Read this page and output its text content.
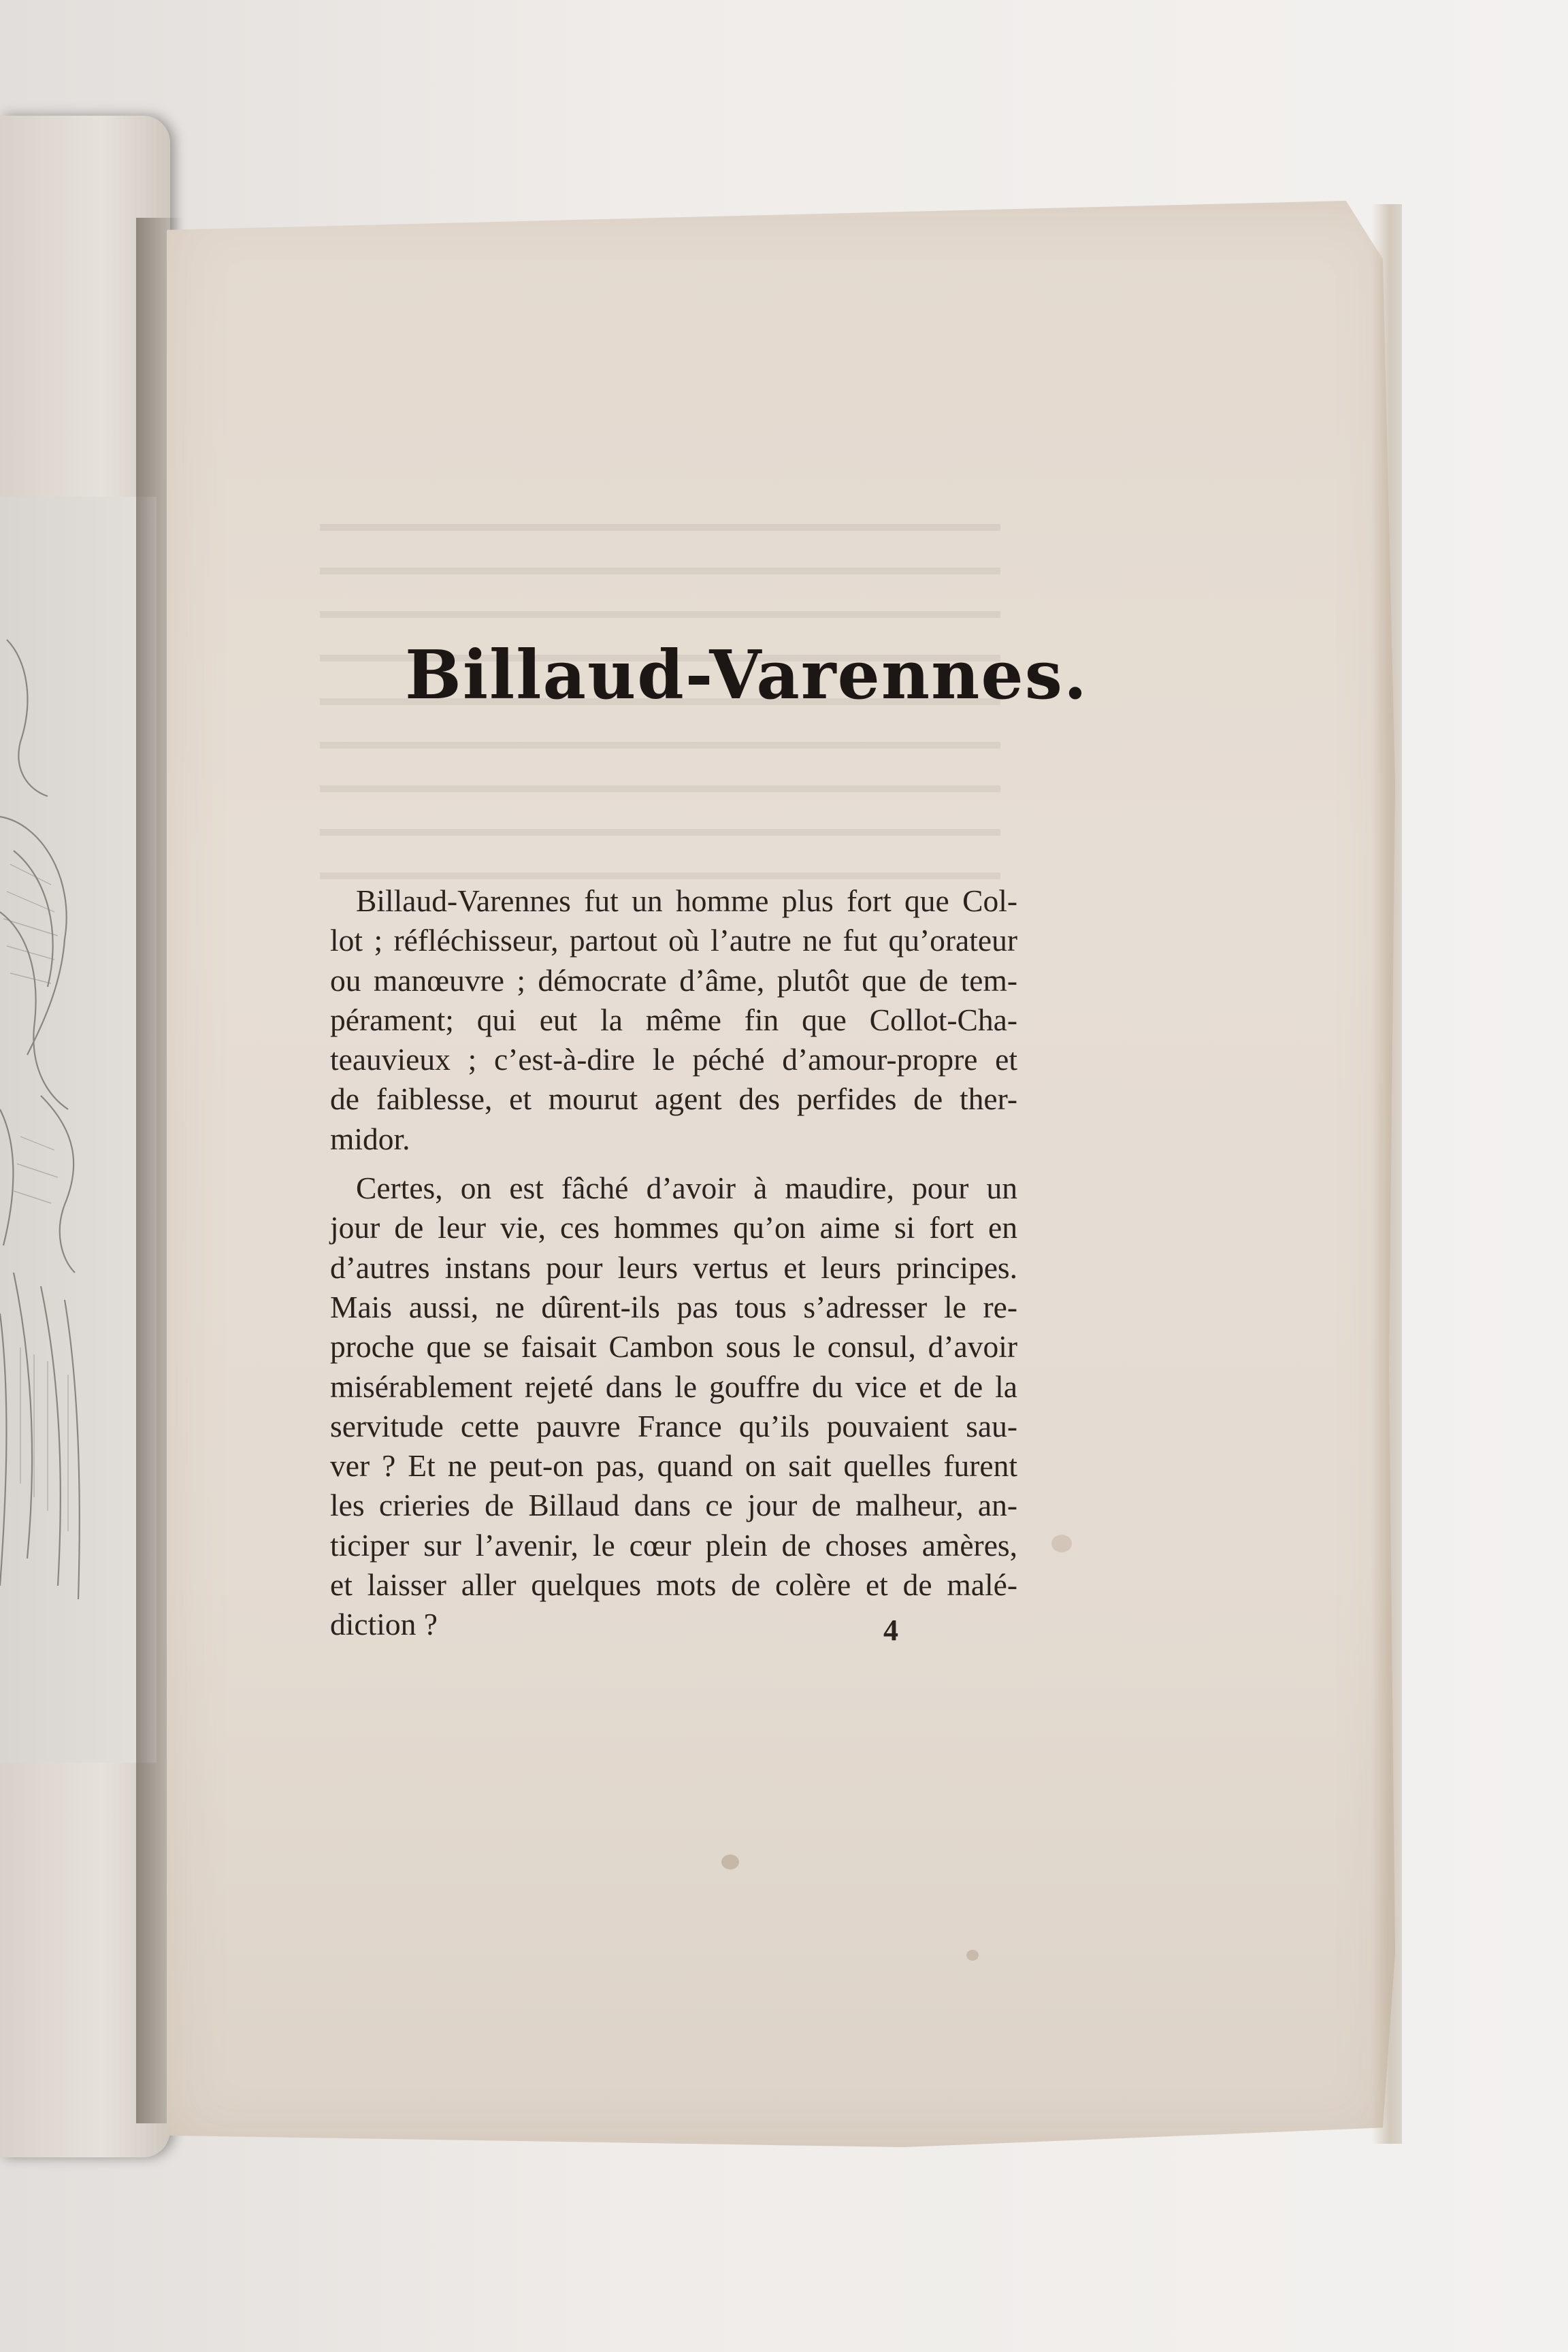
Billaud-Varennes.
Billaud-Varennes fut un homme plus fort que Col-
lot ; réfléchisseur, partout où l’autre ne fut qu’orateur
ou manœuvre ; démocrate d’âme, plutôt que de tem-
pérament; qui eut la même fin que Collot-Cha-
teauvieux ; c’est-à-dire le péché d’amour-propre et
de faiblesse, et mourut agent des perfides de ther-
midor.
Certes, on est fâché d’avoir à maudire, pour un
jour de leur vie, ces hommes qu’on aime si fort en
d’autres instans pour leurs vertus et leurs principes.
Mais aussi, ne dûrent-ils pas tous s’adresser le re-
proche que se faisait Cambon sous le consul, d’avoir
misérablement rejeté dans le gouffre du vice et de la
servitude cette pauvre France qu’ils pouvaient sau-
ver ? Et ne peut-on pas, quand on sait quelles furent
les crieries de Billaud dans ce jour de malheur, an-
ticiper sur l’avenir, le cœur plein de choses amères,
et laisser aller quelques mots de colère et de malé-
diction ?	4
